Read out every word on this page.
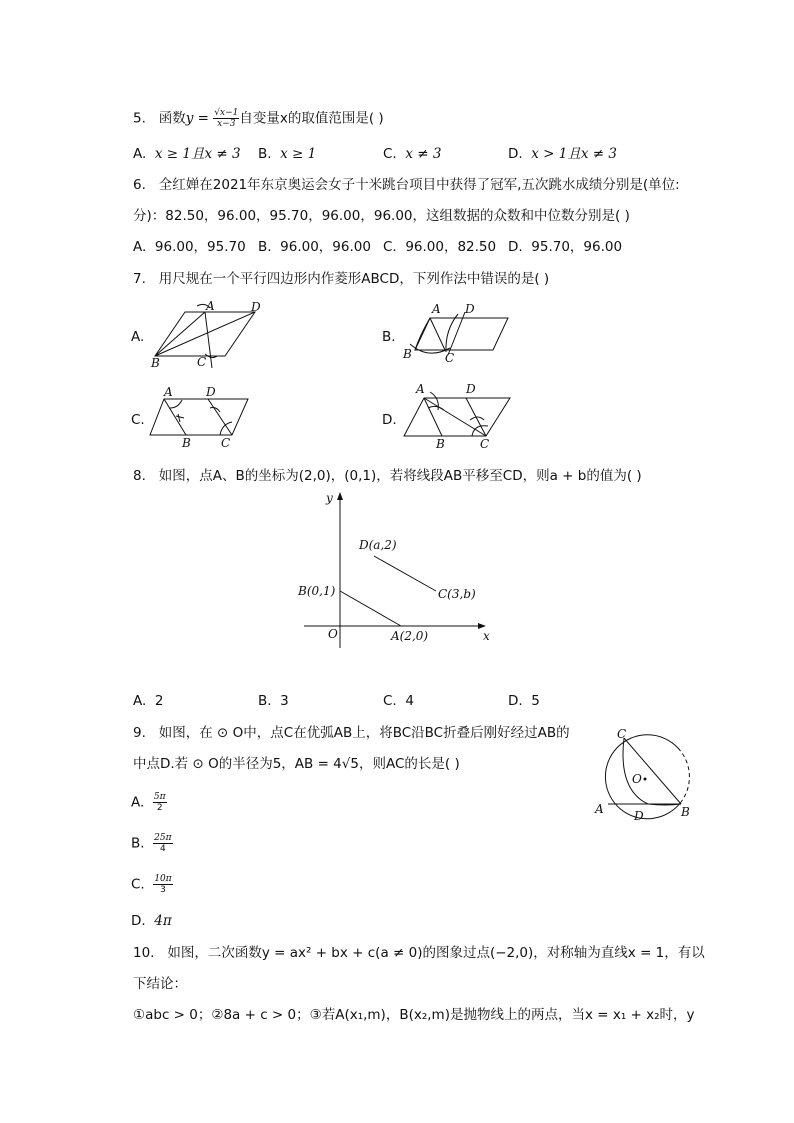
5. 函数$y = \frac{√x-1}{x-3}$ 自变量x的取值范围是( )
A. x ≥ 1且x ≠ 3 B. x ≥ 1	C. x ≠ 3	D. x > 1且x ≠ 3
6. 全红婵在2021年东京奥运会女子十米跳台项目中获得了冠军,五次跳水成绩分别是(单位:
分)：82.50，96.00，95.70，96.00，96.00，这组数据的众数和中位数分别是( )
A. 96.00，95.70 B. 96.00，96.00 C. 96.00，82.50 D. 95.70，96.00
7. 用尺规在一个平行四边形内作菱形ABCD，下列作法中错误的是( )
A.
A	D
B	C
B.
A D
B	C
C.
A	D
B	C
D.
A	D
B	C
8. 如图，点A、B的坐标为(2,0)，(0,1)，若将线段AB平移至CD，则a + b的值为( )
y
x
O
D(a,2)
C(3,b)
B(0,1)
A(2,0)
A. 2	B. 3	C. 4	D. 5
9. 如图，在 ⊙ O中，点C在优弧AB上，将BC沿BC折叠后刚好经过AB的
中点D.若 ⊙ O的半径为5，AB = 4√5，则AC的长是( )
C
O
A	D	B
A. $\frac{5\pi}{2}$
B. $\frac{25\pi}{4}$
C. $\frac{10\pi}{3}$
D. 4π
10. 如图，二次函数y = ax² + bx + c(a ≠ 0)的图象过点(−2,0)，对称轴为直线x = 1，有以
下结论：
①abc > 0；②8a + c > 0；③若A(x₁,m)，B(x₂,m)是抛物线上的两点，当x = x₁ + x₂时，y
